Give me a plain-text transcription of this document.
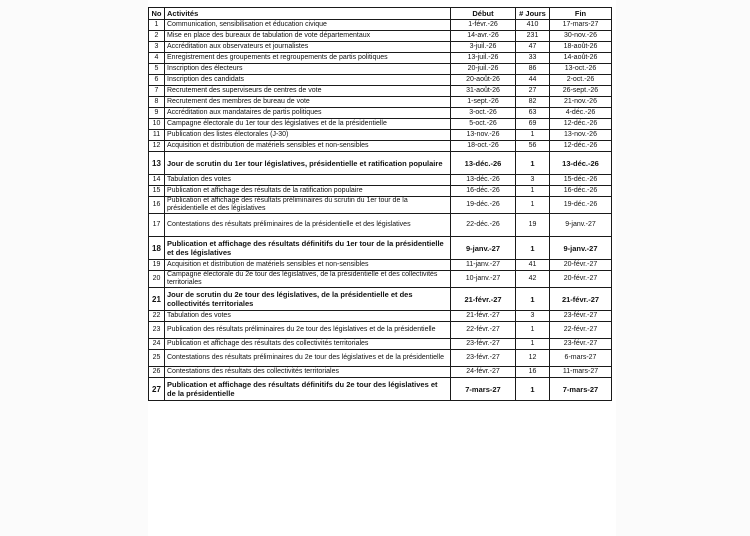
No	Activités	Début	# Jours	Fin
1	Communication, sensibilisation et éducation civique	1-févr.-26	410	17-mars-27
2	Mise en place des bureaux de tabulation de vote départementaux	14-avr.-26	231	30-nov.-26
3	Accréditation aux observateurs et journalistes	3-juil.-26	47	18-août-26
4	Enregistrement des groupements et regroupements de partis politiques	13-juil.-26	33	14-août-26
5	Inscription des électeurs	20-juil.-26	86	13-oct.-26
6	Inscription des candidats	20-août-26	44	2-oct.-26
7	Recrutement des superviseurs de centres de vote	31-août-26	27	26-sept.-26
8	Recrutement des membres de bureau de vote	1-sept.-26	82	21-nov.-26
9	Accréditation aux mandataires de partis politiques	3-oct.-26	63	4-déc.-26
10	Campagne électorale du 1er tour des législatives et de la présidentielle	5-oct.-26	69	12-déc.-26
11	Publication des listes électorales (J-30)	13-nov.-26	1	13-nov.-26
12	Acquisition et distribution de matériels sensibles et non-sensibles	18-oct.-26	56	12-déc.-26
13	Jour de scrutin du 1er tour législatives, présidentielle et ratification populaire	13-déc.-26	1	13-déc.-26
14	Tabulation des votes	13-déc.-26	3	15-déc.-26
15	Publication et affichage des résultats de la ratification populaire	16-déc.-26	1	16-déc.-26
16	Publication et affichage des résultats préliminaires du scrutin du 1er tour de la présidentielle et des législatives	19-déc.-26	1	19-déc.-26
17	Contestations des résultats préliminaires de la présidentielle et des législatives	22-déc.-26	19	9-janv.-27
18	Publication et affichage des résultats définitifs du 1er tour de la présidentielle et des législatives	9-janv.-27	1	9-janv.-27
19	Acquisition et distribution de matériels sensibles et non-sensibles	11-janv.-27	41	20-févr.-27
20	Campagne électorale du 2e tour des législatives, de la présidentielle et des collectivités territoriales	10-janv.-27	42	20-févr.-27
21	Jour de scrutin du 2e tour des législatives, de la présidentielle et des collectivités territoriales	21-févr.-27	1	21-févr.-27
22	Tabulation des votes	21-févr.-27	3	23-févr.-27
23	Publication des résultats préliminaires du 2e tour des législatives et de la présidentielle	22-févr.-27	1	22-févr.-27
24	Publication et affichage des résultats des collectivités territoriales	23-févr.-27	1	23-févr.-27
25	Contestations des résultats préliminaires du 2e tour des législatives et de la présidentielle	23-févr.-27	12	6-mars-27
26	Contestations des résultats des collectivités territoriales	24-févr.-27	16	11-mars-27
27	Publication et affichage des résultats définitifs du 2e tour des législatives et de la présidentielle	7-mars-27	1	7-mars-27
